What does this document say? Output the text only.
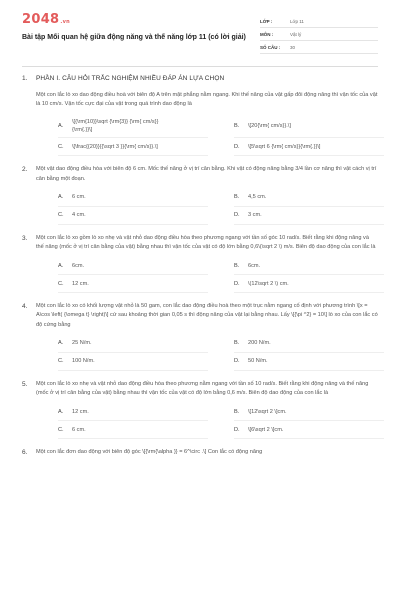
2048 .vn
Bài tập Mối quan hệ giữa động năng và thế năng lớp 11 (có lời giải)
LỚP :	Lớp 11
MÔN :	Vật lý
SỐ CÂU :	30
1.	PHẦN I. CÂU HỎI TRẮC NGHIỆM NHIỀU ĐÁP ÁN LỰA CHỌN
Một con lắc lò xo dao động điều hoà với biên độ A trên mặt phẳng nằm ngang. Khi thế năng của vật gấp đôi động năng thì vận tốc của vật là 10 cm/s. Vận tốc cực đại của vật trong quá trình dao động là
A.
\[{\rm{10}}\sqrt {\rm{3}} {\rm{ cm/s}}
{\rm{.}}\]
B.	\[20{\rm{ cm/s}}.\]
C.	\[\frac{{20}}{{\sqrt 3 }}{\rm{ cm/s}}.\]	D.	\[5\sqrt 6 {\rm{ cm/s}}{\rm{.}}\]
2.	Một vật dao động điều hòa với biên độ 6 cm. Mốc thế năng ở vị trí cân bằng. Khi vật có động năng bằng 3/4 lần cơ năng thì vật cách vị trí cân bằng một đoạn.
A.	6 cm.	B.	4,5 cm.
C.	4 cm.	D.	3 cm.
3.	Một con lắc lò xo gồm lò xo nhẹ và vật nhỏ dao động điều hòa theo phương ngang với tần số góc 10 rad/s. Biết rằng khi động năng và thế năng (mốc ở vị trí cân bằng của vật) bằng nhau thì vận tốc của vật có độ lớn bằng 0,6\(\sqrt 2 \) m/s. Biên độ dao động của con lắc là
A.	6cm.	B.	6cm.
C.	12 cm.	D.	\(12\sqrt 2 \) cm.
4.	Một con lắc lò xo có khối lượng vật nhỏ là 50 gam, con lắc dao động điều hoà theo một trục nằm ngang cố định với phương trình \[x = A\cos \left( {\omega t} \right)\] cứ sau khoảng thời gian 0,05 s thì động năng của vật lại bằng nhau. Lấy \[{\pi ^2} = 10\] lò xo của con lắc có độ cứng bằng
A.	25 N/m.	B.	200 N/m.
C.	100 N/m.	D.	50 N/m.
5.	Một con lắc lò xo nhẹ và vật nhỏ dao động điều hòa theo phương nằm ngang với tần số 10 rad/s. Biết rằng khi động năng và thế năng (mốc ở vị trí cân bằng của vật) bằng nhau thì vận tốc của vật có độ lớn bằng 0,6 m/s. Biên độ dao động của con lắc là
A.	12 cm.	B.	\[12\sqrt 2 \]cm.
C.	6 cm.	D.	\[6\sqrt 2 \]cm.
6.	Một con lắc đơn dao động với biên độ góc \[{\rm{\alpha }} = 6^\circ .\] Con lắc có động năng
